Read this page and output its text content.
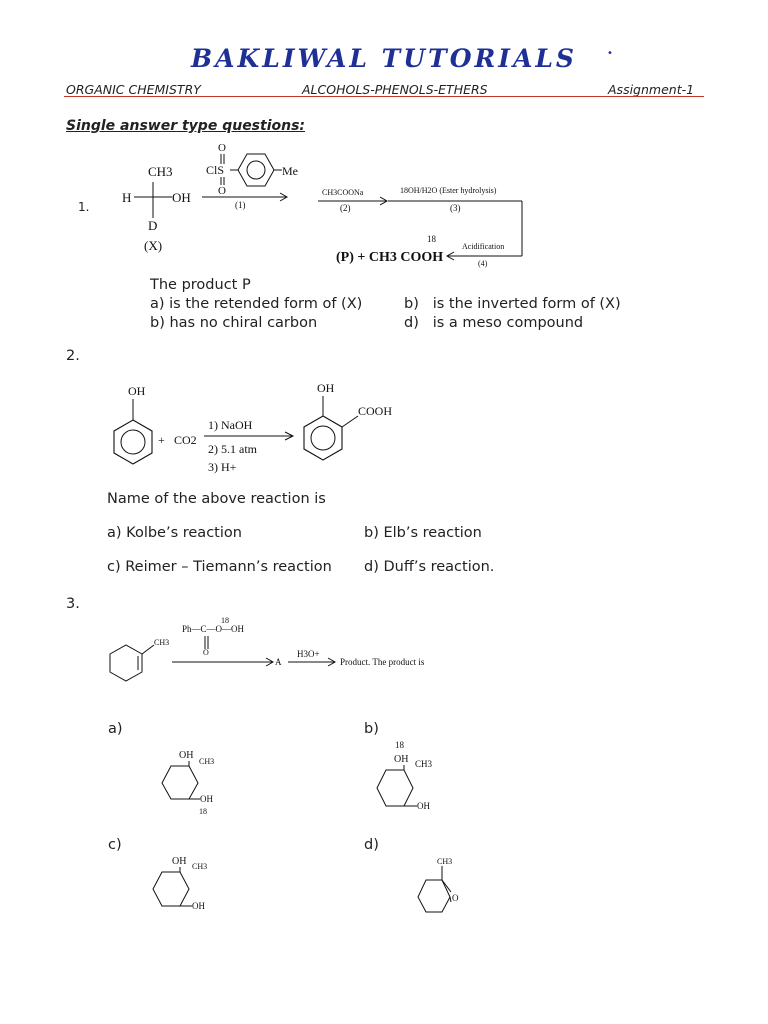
BAKLIWAL TUTORIALS	•
ORGANIC CHEMISTRY	ALCOHOLS-PHENOLS-ETHERS	Assignment-1
Single answer type questions:
1.
CH3
H	OH
D
(X)
O
ClS
O
Me
(1)
CH3COONa
(2)
18OH/H2O (Ester hydrolysis)
(3)
Acidification
(4)
18
(P) + CH3 COOH
The product P
a) is the retended form of (X)	b) is the inverted form of (X)
b) has no chiral carbon	d) is a meso compound
2.
OH
+ CO2
1) NaOH
2) 5.1 atm
3) H+
OH
COOH
Name of the above reaction is
a) Kolbe’s reaction	b) Elb’s reaction
c) Reimer – Tiemann’s reaction d) Duff’s reaction.
3.
18
Ph—C—O—OH
O
CH3
A
H3O+
Product. The product is
a)
OH
CH3
OH
18
b)
18
OH CH3
OH
c)
OH CH3
OH
d)
CH3
O
